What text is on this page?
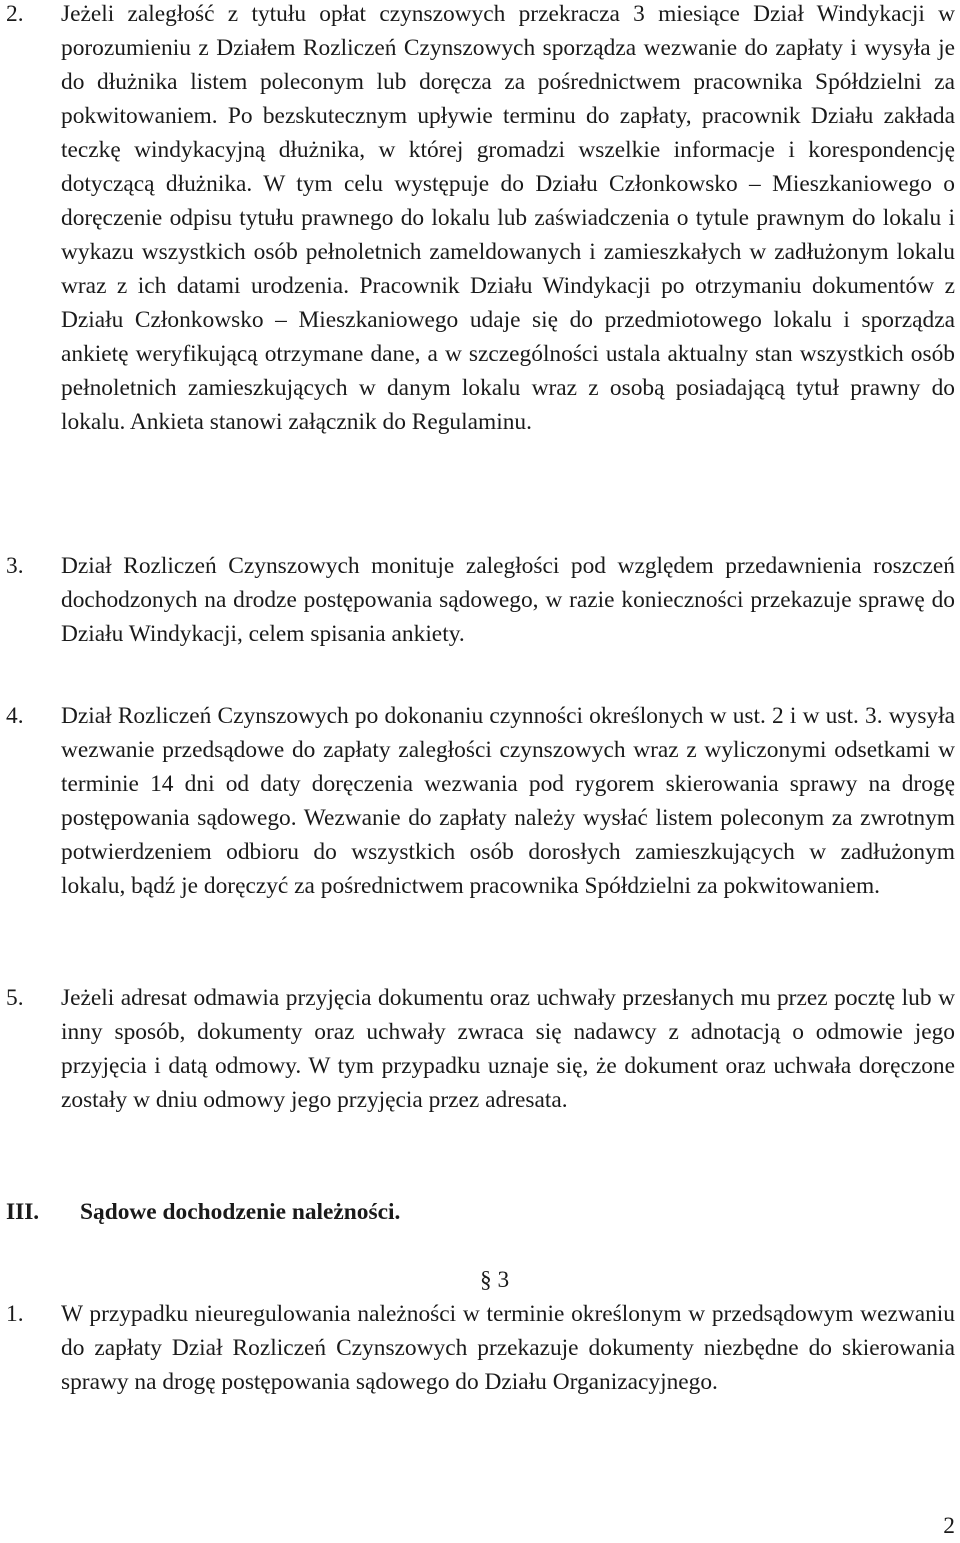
2. Jeżeli zaległość z tytułu opłat czynszowych przekracza 3 miesiące Dział Windykacji w porozumieniu z Działem Rozliczeń Czynszowych sporządza wezwanie do zapłaty i wysyła je do dłużnika listem poleconym lub doręcza za pośrednictwem pracownika Spółdzielni za pokwitowaniem. Po bezskutecznym upływie terminu do zapłaty, pracownik Działu zakłada teczkę windykacyjną dłużnika, w której gromadzi wszelkie informacje i korespondencję dotyczącą dłużnika. W tym celu występuje do Działu Członkowsko – Mieszkaniowego o doręczenie odpisu tytułu prawnego do lokalu lub zaświadczenia o tytule prawnym do lokalu i wykazu wszystkich osób pełnoletnich zameldowanych i zamieszkałych w zadłużonym lokalu wraz z ich datami urodzenia. Pracownik Działu Windykacji po otrzymaniu dokumentów z Działu Członkowsko – Mieszkaniowego udaje się do przedmiotowego lokalu i sporządza ankietę weryfikującą otrzymane dane, a w szczególności ustala aktualny stan wszystkich osób pełnoletnich zamieszkujących w danym lokalu wraz z osobą posiadającą tytuł prawny do lokalu. Ankieta stanowi załącznik do Regulaminu.
3. Dział Rozliczeń Czynszowych monituje zaległości pod względem przedawnienia roszczeń dochodzonych na drodze postępowania sądowego, w razie konieczności przekazuje sprawę do Działu Windykacji, celem spisania ankiety.
4. Dział Rozliczeń Czynszowych po dokonaniu czynności określonych w ust. 2 i w ust. 3. wysyła wezwanie przedsądowe do zapłaty zaległości czynszowych wraz z wyliczonymi odsetkami w terminie 14 dni od daty doręczenia wezwania pod rygorem skierowania sprawy na drogę postępowania sądowego. Wezwanie do zapłaty należy wysłać listem poleconym za zwrotnym potwierdzeniem odbioru do wszystkich osób dorosłych zamieszkujących w zadłużonym lokalu, bądź je doręczyć za pośrednictwem pracownika Spółdzielni za pokwitowaniem.
5. Jeżeli adresat odmawia przyjęcia dokumentu oraz uchwały przesłanych mu przez pocztę lub w inny sposób, dokumenty oraz uchwały zwraca się nadawcy z adnotacją o odmowie jego przyjęcia i datą odmowy. W tym przypadku uznaje się, że dokument oraz uchwała doręczone zostały w dniu odmowy jego przyjęcia przez adresata.
III. Sądowe dochodzenie należności.
§ 3
1. W przypadku nieuregulowania należności w terminie określonym w przedsądowym wezwaniu do zapłaty Dział Rozliczeń Czynszowych przekazuje dokumenty niezbędne do skierowania sprawy na drogę postępowania sądowego do Działu Organizacyjnego.
2
